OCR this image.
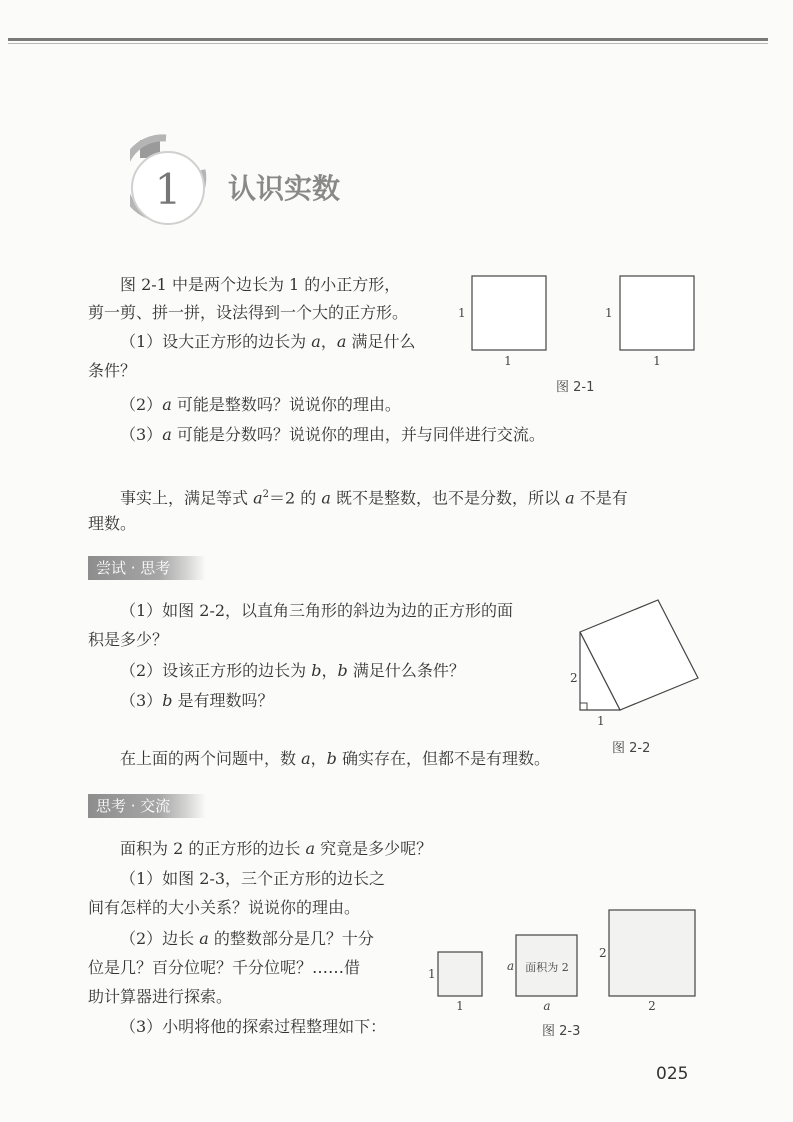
1 认识实数
图 2-1 中是两个边长为 1 的小正方形，
剪一剪、拼一拼，设法得到一个大的正方形。
（1）设大正方形的边长为 a，a 满足什么
条件？
（2）a 可能是整数吗？说说你的理由。
（3）a 可能是分数吗？说说你的理由，并与同伴进行交流。
1
1
1
1
图 2-1
事实上，满足等式 $a^2=2$ 的 a 既不是整数，也不是分数，所以 a 不是有
理数。
尝试 · 思考
（1）如图 2-2，以直角三角形的斜边为边的正方形的面
积是多少？
（2）设该正方形的边长为 b，b 满足什么条件？
（3）b 是有理数吗？
2
1
图 2-2
在上面的两个问题中，数 a，b 确实存在，但都不是有理数。
思考 · 交流
面积为 2 的正方形的边长 a 究竟是多少呢？
（1）如图 2-3，三个正方形的边长之
间有怎样的大小关系？说说你的理由。
（2）边长 a 的整数部分是几？十分
位是几？百分位呢？千分位呢？……借
助计算器进行探索。
（3）小明将他的探索过程整理如下：
1
1
a
a
面积为 2
2
2
图 2-3
025
